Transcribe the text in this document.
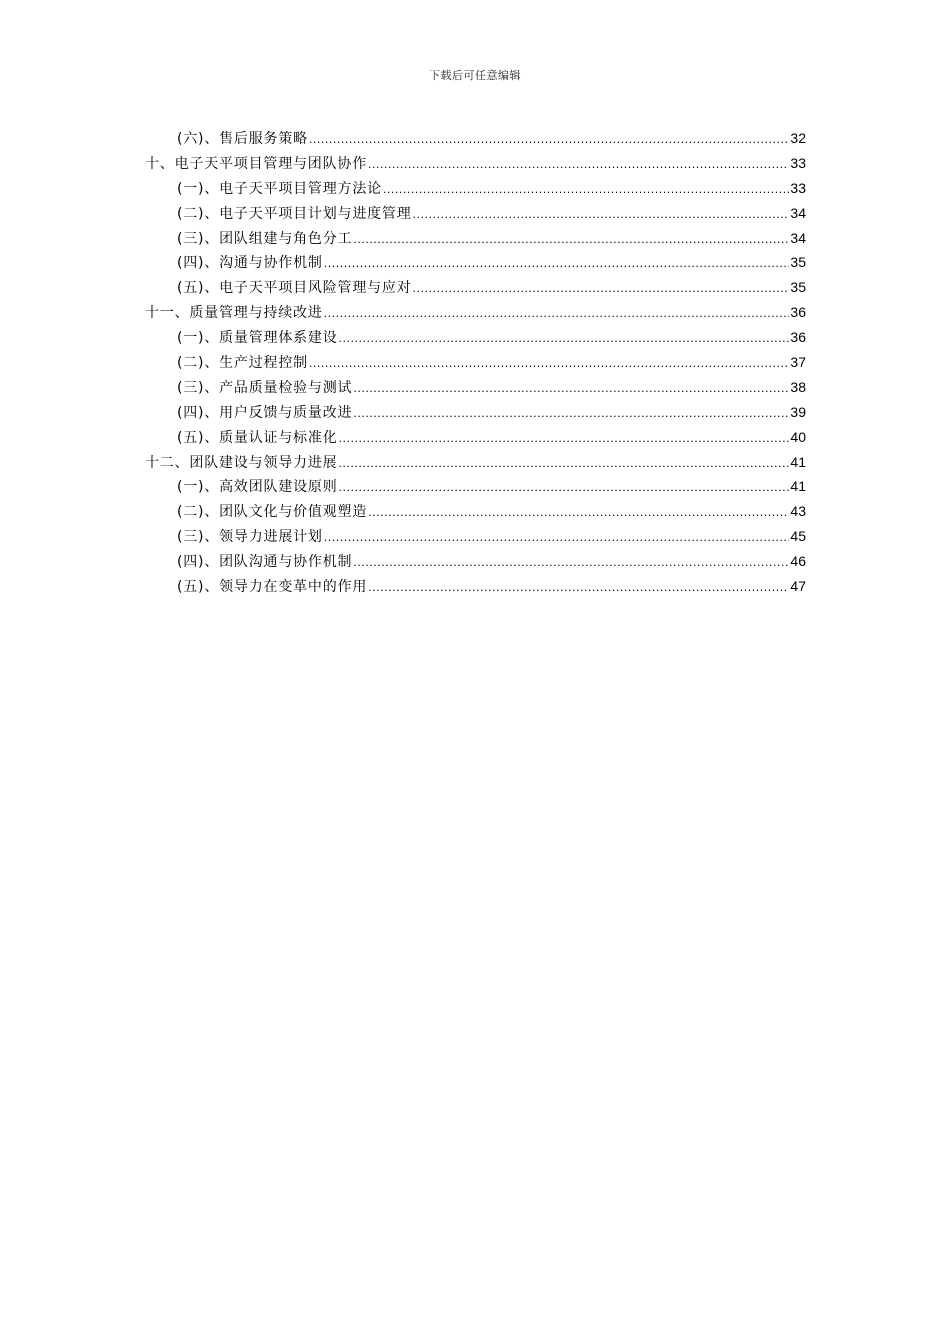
下载后可任意编辑
(六)、售后服务策略 .....	32
十、电子天平项目管理与团队协作 .....	33
(一)、电子天平项目管理方法论 .....	33
(二)、电子天平项目计划与进度管理 .....	34
(三)、团队组建与角色分工 .....	34
(四)、沟通与协作机制 .....	35
(五)、电子天平项目风险管理与应对 .....	35
十一、质量管理与持续改进 .....	36
(一)、质量管理体系建设 .....	36
(二)、生产过程控制 .....	37
(三)、产品质量检验与测试 .....	38
(四)、用户反馈与质量改进 .....	39
(五)、质量认证与标准化 .....	40
十二、团队建设与领导力进展 .....	41
(一)、高效团队建设原则 .....	41
(二)、团队文化与价值观塑造 .....	43
(三)、领导力进展计划 .....	45
(四)、团队沟通与协作机制 .....	46
(五)、领导力在变革中的作用 .....	47
